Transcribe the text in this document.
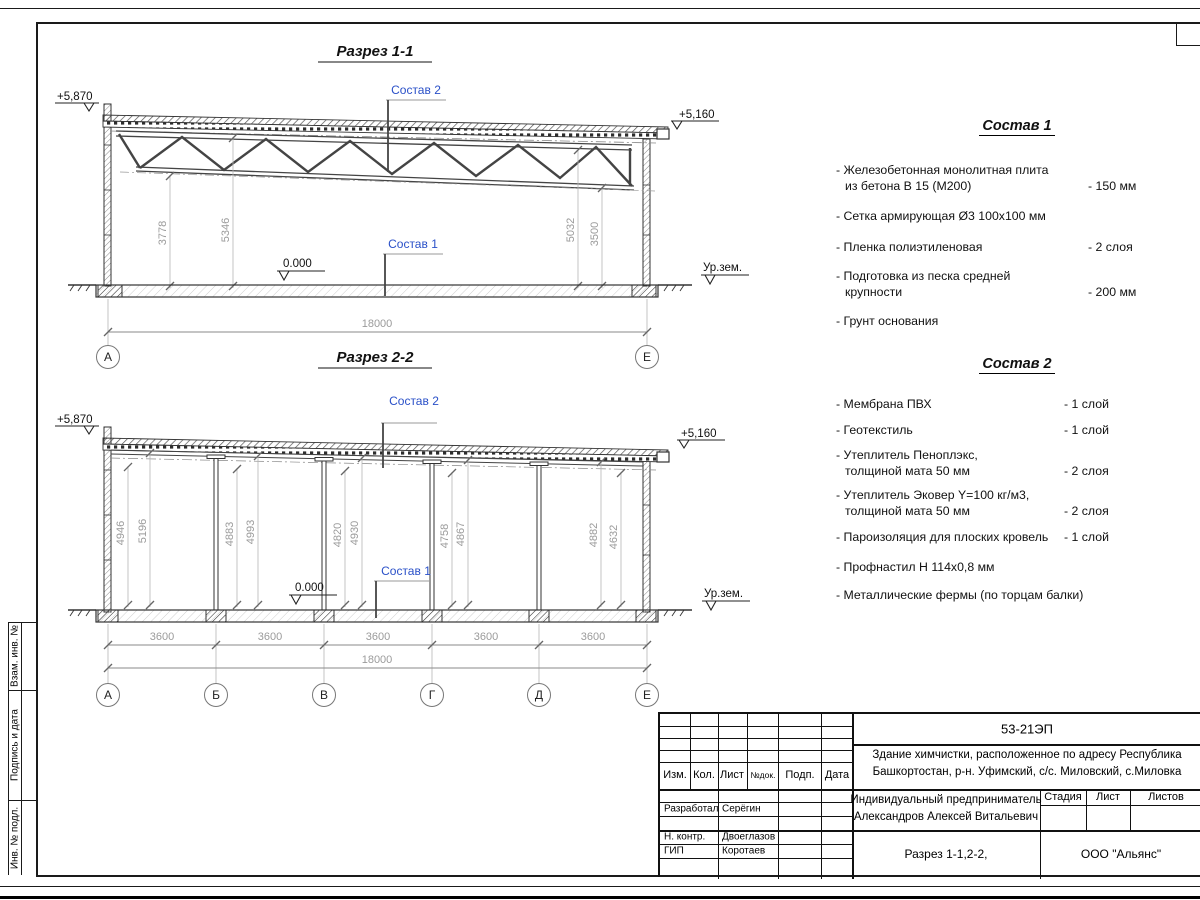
Взам. инв. №
Подпись и дата
Инв. № подл.
Разрез 1-1
3778	5346	5032 3500
+5,870
+5,160
0.000	Ур.зем.
Состав 2
Состав 1
18000
А	Е
Разрез 2-2
4946 5196	4883 4993	4820 4930	4758 4867	4882 4632
+5,870
+5,160
0.000	Ур.зем.
Состав 2
Состав 1
3600	3600	3600	3600	3600
18000
А	Б	В	Г	Д	Е
Состав 1
- Железобетонная монолитная плита
из бетона В 15 (М200)	- 150 мм
- Сетка армирующая Ø3 100х100 мм
- Пленка полиэтиленовая	- 2 слоя
- Подготовка из песка средней
крупности	- 200 мм
- Грунт основания
Состав 2
- Мембрана ПВХ	- 1 слой
- Геотекстиль	- 1 слой
- Утеплитель Пеноплэкс,
толщиной мата 50 мм	- 2 слоя
- Утеплитель Эковер Y=100 кг/м3,
толщиной мата 50 мм	- 2 слоя
- Пароизоляция для плоских кровель	- 1 слой
- Профнастил Н 114х0,8 мм
- Металлические фермы (по торцам балки)
Изм. Кол. Лист №док. Подп. Дата
Разработал Серёгин
Н. контр. Двоеглазов
ГИП	Коротаев
53-21ЭП
Здание химчистки, расположенное по адресу Республика
Башкортостан, р-н. Уфимский, с/с. Миловский, с.Миловка
Индивидуальный предприниматель
Александров Алексей Витальевич
Стадия Лист	Листов
Разрез 1-1,2-2,	ООО "Альянс"
